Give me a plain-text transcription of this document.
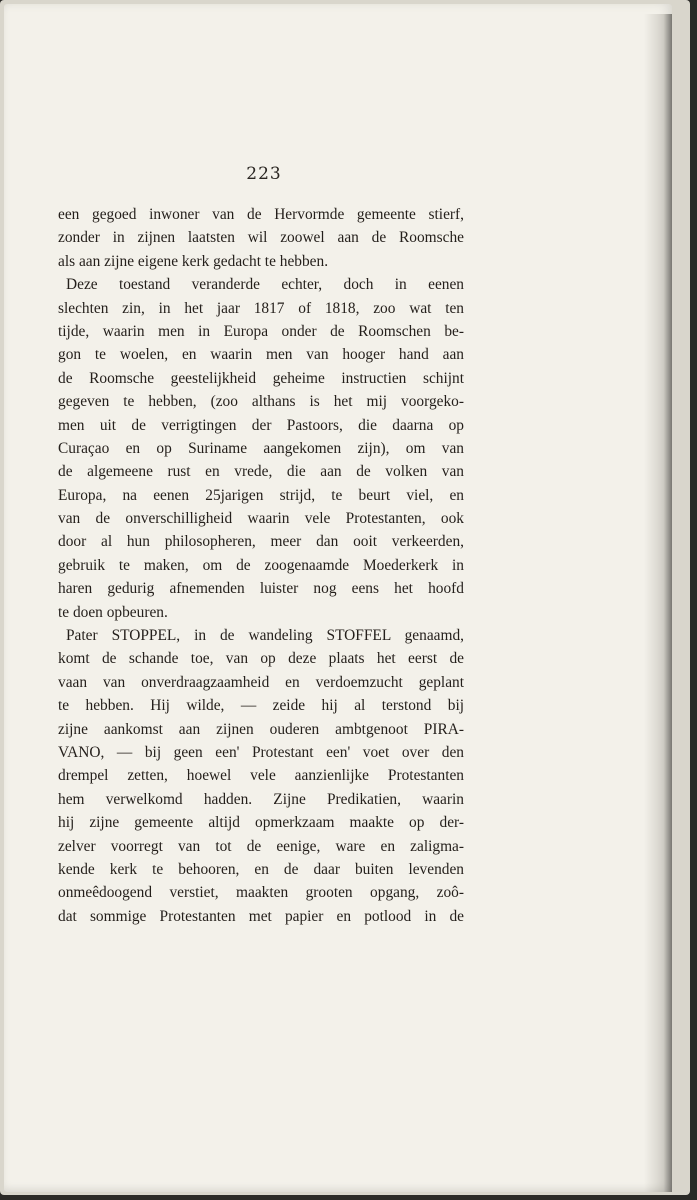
223
een gegoed inwoner van de Hervormde gemeente stierf,
zonder in zijnen laatsten wil zoowel aan de Roomsche
als aan zijne eigene kerk gedacht te hebben.
Deze toestand veranderde echter, doch in eenen
slechten zin, in het jaar 1817 of 1818, zoo wat ten
tijde, waarin men in Europa onder de Roomschen be-
gon te woelen, en waarin men van hooger hand aan
de Roomsche geestelijkheid geheime instructien schijnt
gegeven te hebben, (zoo althans is het mij voorgeko-
men uit de verrigtingen der Pastoors, die daarna op
Curaçao en op Suriname aangekomen zijn), om van
de algemeene rust en vrede, die aan de volken van
Europa, na eenen 25jarigen strijd, te beurt viel, en
van de onverschilligheid waarin vele Protestanten, ook
door al hun philosopheren, meer dan ooit verkeerden,
gebruik te maken, om de zoogenaamde Moederkerk in
haren gedurig afnemenden luister nog eens het hoofd
te doen opbeuren.
Pater STOPPEL, in de wandeling STOFFEL genaamd,
komt de schande toe, van op deze plaats het eerst de
vaan van onverdraagzaamheid en verdoemzucht geplant
te hebben. Hij wilde, — zeide hij al terstond bij
zijne aankomst aan zijnen ouderen ambtgenoot PIRA-
VANO, — bij geen een' Protestant een' voet over den
drempel zetten, hoewel vele aanzienlijke Protestanten
hem verwelkomd hadden. Zijne Predikatien, waarin
hij zijne gemeente altijd opmerkzaam maakte op der-
zelver voorregt van tot de eenige, ware en zaligma-
kende kerk te behooren, en de daar buiten levenden
onmeêdoogend verstiet, maakten grooten opgang, zoô-
dat sommige Protestanten met papier en potlood in de
